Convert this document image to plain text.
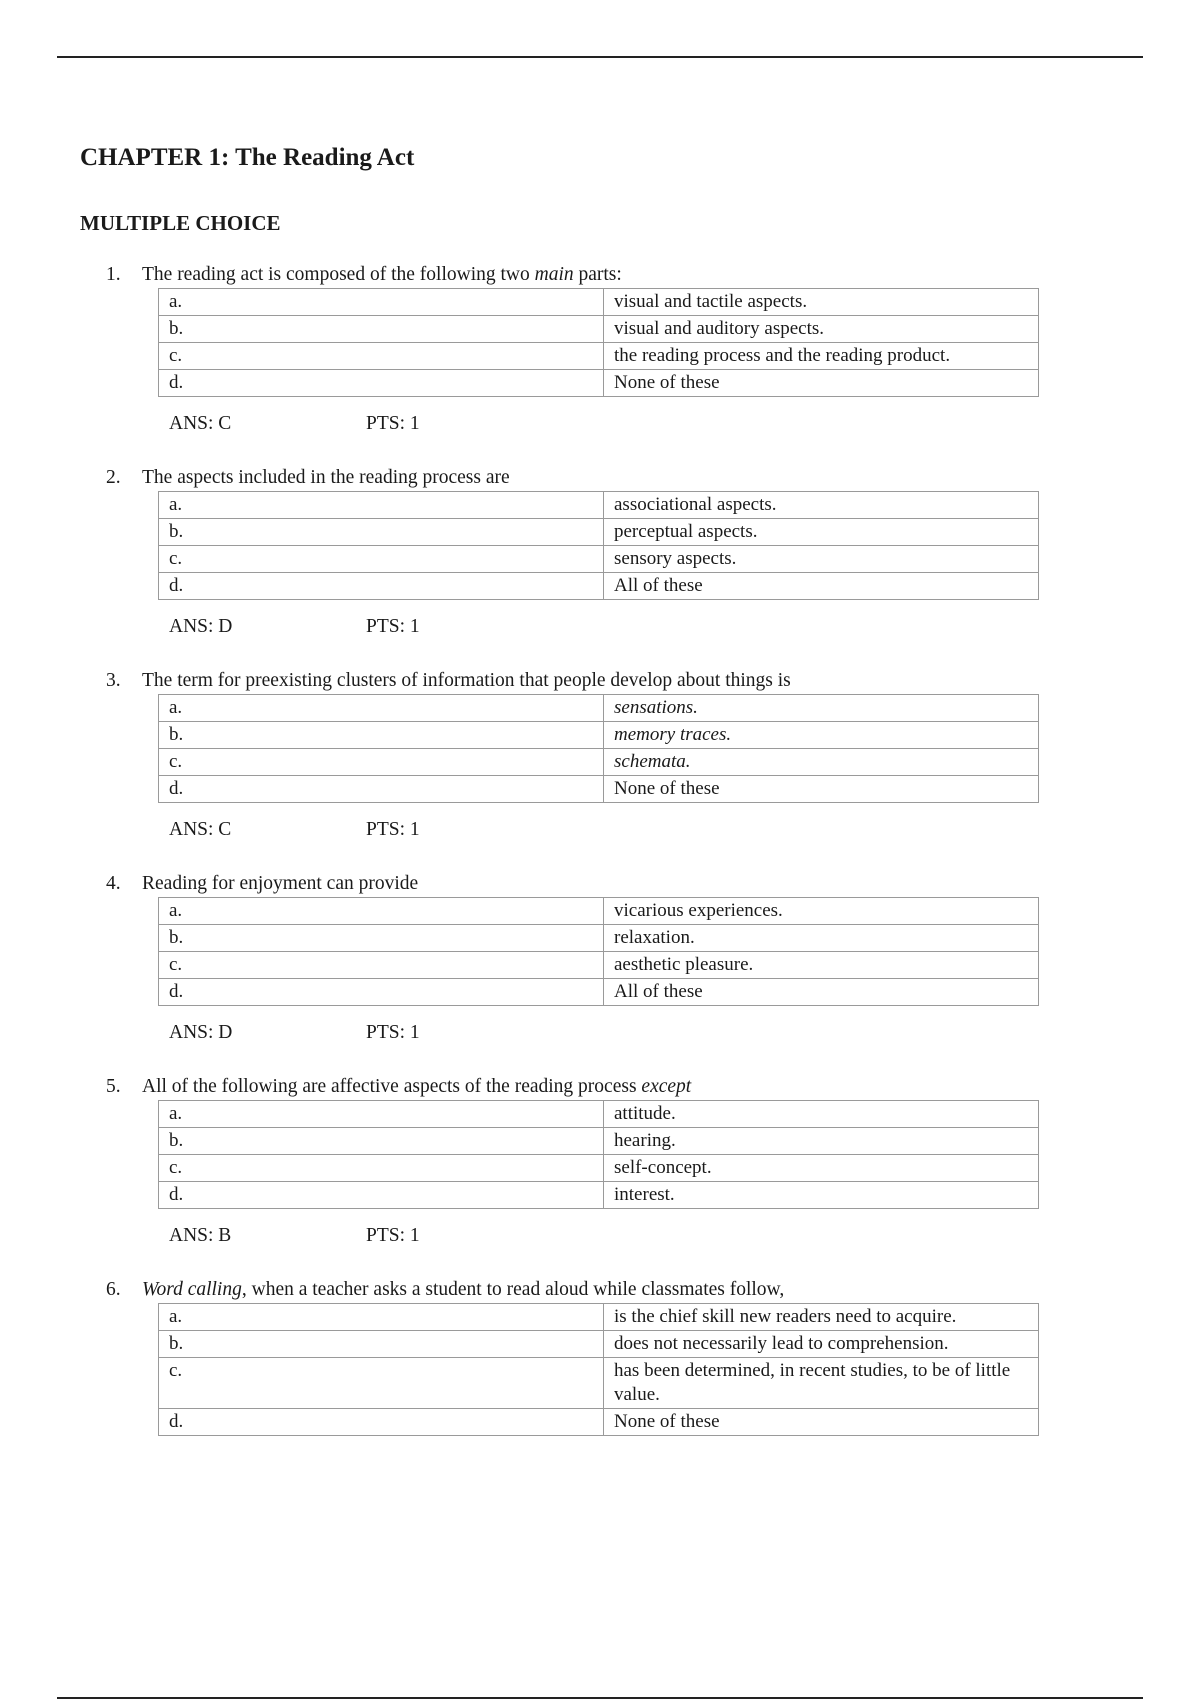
CHAPTER 1: The Reading Act
MULTIPLE CHOICE
1. The reading act is composed of the following two main parts:
a.	visual and tactile aspects.
b.	visual and auditory aspects.
c.	the reading process and the reading product.
d.	None of these
ANS: C	PTS: 1
2. The aspects included in the reading process are
a.	associational aspects.
b.	perceptual aspects.
c.	sensory aspects.
d.	All of these
ANS: D	PTS: 1
3. The term for preexisting clusters of information that people develop about things is
a.	sensations.
b.	memory traces.
c.	schemata.
d.	None of these
ANS: C	PTS: 1
4. Reading for enjoyment can provide
a.	vicarious experiences.
b.	relaxation.
c.	aesthetic pleasure.
d.	All of these
ANS: D	PTS: 1
5. All of the following are affective aspects of the reading process except
a.	attitude.
b.	hearing.
c.	self-concept.
d.	interest.
ANS: B	PTS: 1
6. Word calling, when a teacher asks a student to read aloud while classmates follow,
a.	is the chief skill new readers need to acquire.
b.	does not necessarily lead to comprehension.
c.	has been determined, in recent studies, to be of little value.
d.	None of these
